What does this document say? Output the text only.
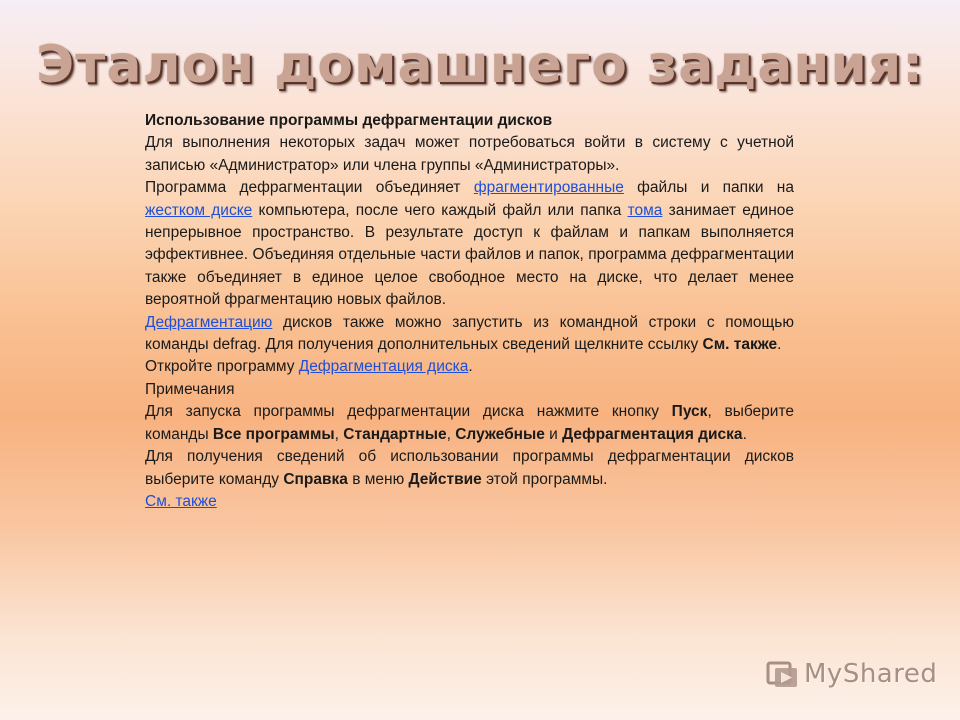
Эталон домашнего задания:

Использование программы дефрагментации дисков

Для выполнения некоторых задач может потребоваться войти в систему с учетной записью «Администратор» или члена группы «Администраторы».

Программа дефрагментации объединяет фрагментированные файлы и папки на жестком диске компьютера, после чего каждый файл или папка тома занимает единое непрерывное пространство. В результате доступ к файлам и папкам выполняется эффективнее. Объединяя отдельные части файлов и папок, программа дефрагментации также объединяет в единое целое свободное место на диске, что делает менее вероятной фрагментацию новых файлов.

Дефрагментацию дисков также можно запустить из командной строки с помощью команды defrag. Для получения дополнительных сведений щелкните ссылку См. также.

Откройте программу Дефрагментация диска.

Примечания

Для запуска программы дефрагментации диска нажмите кнопку Пуск, выберите команды Все программы, Стандартные, Служебные и Дефрагментация диска.

Для получения сведений об использовании программы дефрагментации дисков выберите команду Справка в меню Действие этой программы.

См. также

MyShared
